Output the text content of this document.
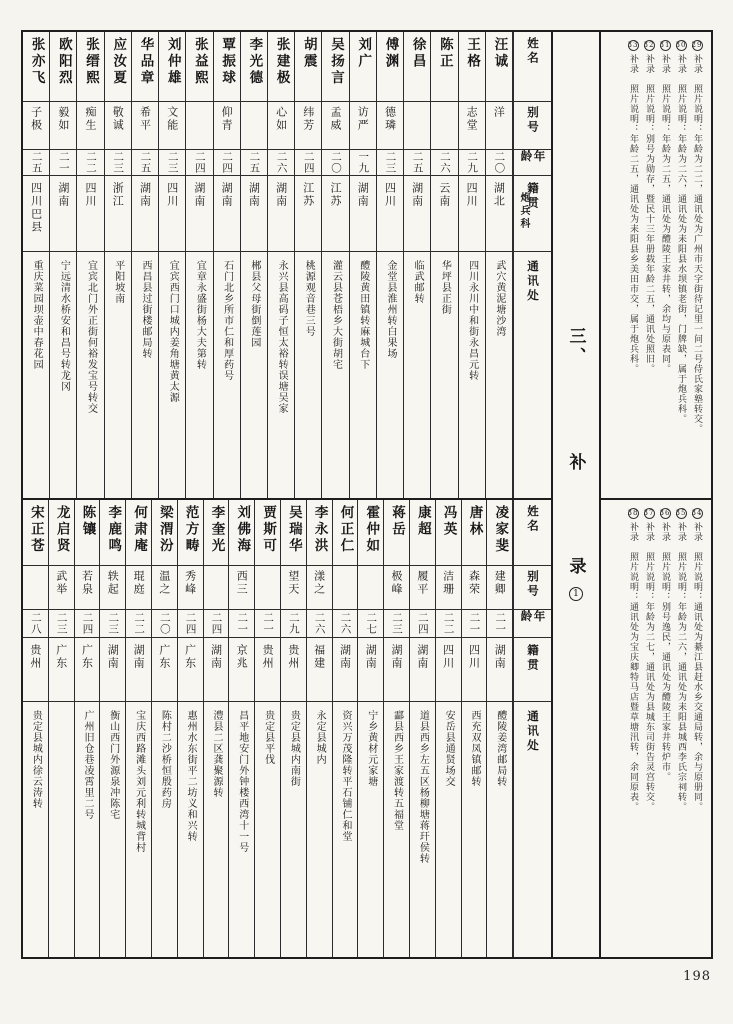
张亦飞
子极
二五
四川巴县
重庆菜园坝壶中春花园
欧阳烈
毅如
二一
湖南
宁远清水桥安和昌号转龙冈
张缙熙
痴生
二二
四川
宜宾北门外正街何裕发宝号转交
应汝夏
敬诚
二三
浙江
平阳坡南
华品章
希平
二五
湖南
西昌县过街楼邮局转
刘仲雄
文能
二三
四川
宜宾西门口城内姜角塘黄太源
张益熙
二四
湖南
宜章永盛街杨大夫第转
覃振球
仰青
二四
湖南
石门北乡所市仁和厚药号
李光德
二五
湖南
郴县父母街倒莲园
张建极
心如
二六
湖南
永兴县高码子恒太裕转误塘吴家
胡震
纬芳
二四
江苏
桃源观音巷三号
吴扬言
孟威
二〇
江苏
灌云县苍梧乡大街胡宅
刘广
访严
一九
湖南
醴陵黄田镇转麻城台下
傅渊
德璘
二三
四川
金堂县淮州转白果场
徐昌
二五
湖南
临武邮转
陈正
二六
云南
华坪县正街
王格
志堂
二九
四川
四川永川中和街永昌元转
汪诚
洋
二〇
湖北
武穴黄泥塘沙湾
姓名
别号
年龄
籍贯
通讯处
炮兵科
宋正苍
二八
贵州
贵定县城内徐云涛转
龙启贤
武举
二三
广东
陈镶
若泉
二四
广东
广州旧仓巷凌霄里二号
李鹿鸣
轶起
二三
湖南
衡山西门外源泉冲陈宅
何肃庵
琨庭
二二
湖南
宝庆西路滩头刘元利转城背村
梁渭汾
温之
二〇
广东
陈村二沙桥恒殷药房
范方畴
秀峰
二四
广东
惠州水东街平二坊义和兴转
李奎光
二四
湖南
澧县二区龚聚源转
刘佛海
西三
二一
京兆
昌平地安门外钟楼西湾十一号
贾斯可
二一
贵州
贵定县平伐
吴瑞华
望天
二九
贵州
贵定县城内南街
李永洪
漾之
二六
福建
永定县城内
何正仁
二六
湖南
资兴万茂隆转平石铺仁和堂
霍仲如
二七
湖南
宁乡黄材元家塘
蒋岳
极峰
二三
湖南
酃县西乡王家渡转五福堂
康超
履平
二四
湖南
道县西乡左五区杨柳塘蒋玕侯转
冯英
洁珊
二二
四川
安岳县通贤场交
唐林
森荣
二一
四川
西充双凤镇邮转
凌家斐
建卿
二一
湖南
醴陵姜湾邮局转
姓名
别号
年龄
籍贯
通讯处
三、
补
录
1
29补录　照片说明：年龄为二二，通讯处为广州市天字街待记里一问二号侍氏家塾转交。
30补录　照片说明：年龄为二六，通讯处为耒阳县水坝镇老街，门牌缺，属于炮兵科。
31补录　照片说明：年龄为二五，通讯处为醴陵王家井转，余均与原表同。
32补录　照片说明：别号为勋存，暨民十三年册载年龄二五，通讯处照旧。
33补录　照片说明：年龄二五，通讯处为耒阳县乡美田市交，属于炮兵科。
34补录　照片说明：通讯处为綦江县赶水乡交通局转，余与原册同。
35补录　照片说明：年龄为二六，通讯处为耒阳县城西李氏宗祠转。
36补录　照片说明：别号逸民，通讯处为醴陵王家井转炉市。
37补录　照片说明：年龄为二七，通讯处为县城东司街告灵宫转交。
38补录　照片说明：通讯处为宝庆卿特马店暨草塘汛转，余同原表。
198
